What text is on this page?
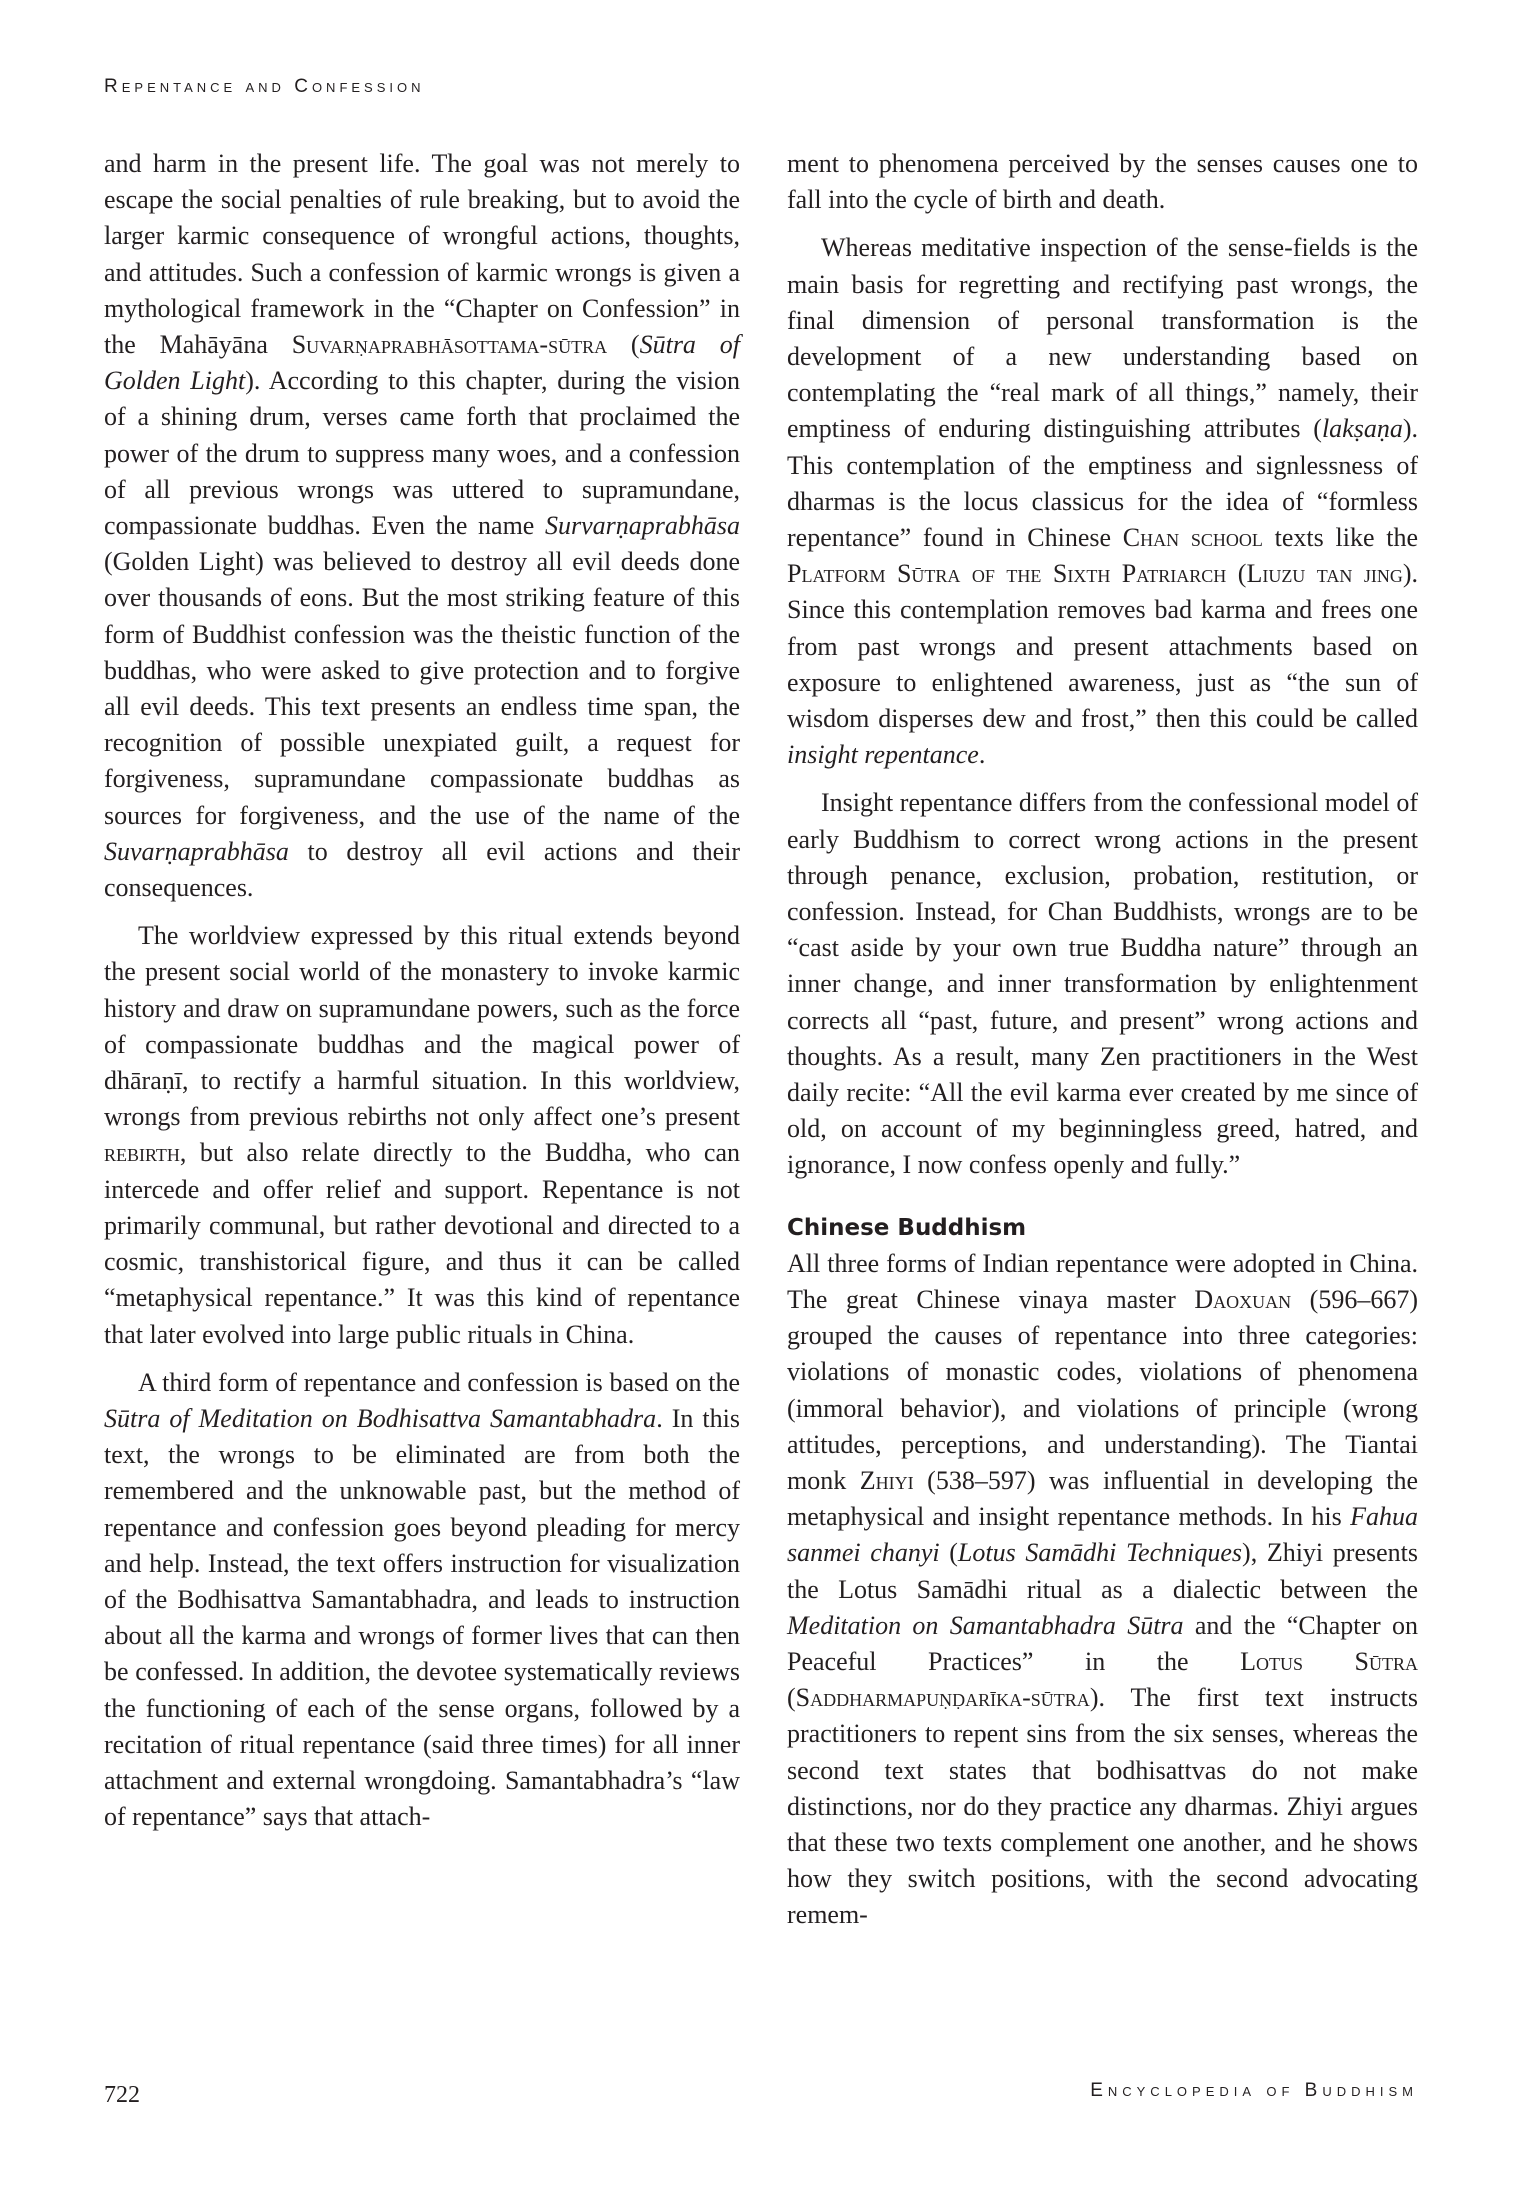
Repentance and Confession

and harm in the present life. The goal was not merely to escape the social penalties of rule breaking, but to avoid the larger karmic consequence of wrongful actions, thoughts, and attitudes. Such a confession of karmic wrongs is given a mythological framework in the “Chapter on Confession” in the Mahāyāna Suvarṇaprabhāsottama-sūtra (Sūtra of Golden Light). According to this chapter, during the vision of a shining drum, verses came forth that proclaimed the power of the drum to suppress many woes, and a confession of all previous wrongs was uttered to supramundane, compassionate buddhas. Even the name Survarṇaprabhāsa (Golden Light) was believed to destroy all evil deeds done over thousands of eons. But the most striking feature of this form of Buddhist confession was the theistic function of the buddhas, who were asked to give protection and to forgive all evil deeds. This text presents an endless time span, the recognition of possible unexpiated guilt, a request for forgiveness, supramundane compassionate buddhas as sources for forgiveness, and the use of the name of the Suvarṇaprabhāsa to destroy all evil actions and their consequences.

The worldview expressed by this ritual extends beyond the present social world of the monastery to invoke karmic history and draw on supramundane powers, such as the force of compassionate buddhas and the magical power of dhāraṇī, to rectify a harmful situation. In this worldview, wrongs from previous rebirths not only affect one’s present rebirth, but also relate directly to the Buddha, who can intercede and offer relief and support. Repentance is not primarily communal, but rather devotional and directed to a cosmic, transhistorical figure, and thus it can be called “metaphysical repentance.” It was this kind of repentance that later evolved into large public rituals in China.

A third form of repentance and confession is based on the Sūtra of Meditation on Bodhisattva Samantabhadra. In this text, the wrongs to be eliminated are from both the remembered and the unknowable past, but the method of repentance and confession goes beyond pleading for mercy and help. Instead, the text offers instruction for visualization of the Bodhisattva Samantabhadra, and leads to instruction about all the karma and wrongs of former lives that can then be confessed. In addition, the devotee systematically reviews the functioning of each of the sense organs, followed by a recitation of ritual repentance (said three times) for all inner attachment and external wrongdoing. Samantabhadra’s “law of repentance” says that attach-

ment to phenomena perceived by the senses causes one to fall into the cycle of birth and death.

Whereas meditative inspection of the sense-fields is the main basis for regretting and rectifying past wrongs, the final dimension of personal transformation is the development of a new understanding based on contemplating the “real mark of all things,” namely, their emptiness of enduring distinguishing attributes (lakṣaṇa). This contemplation of the emptiness and signlessness of dharmas is the locus classicus for the idea of “formless repentance” found in Chinese Chan school texts like the Platform Sūtra of the Sixth Patriarch (Liuzu tan jing). Since this contemplation removes bad karma and frees one from past wrongs and present attachments based on exposure to enlightened awareness, just as “the sun of wisdom disperses dew and frost,” then this could be called insight repentance.

Insight repentance differs from the confessional model of early Buddhism to correct wrong actions in the present through penance, exclusion, probation, restitution, or confession. Instead, for Chan Buddhists, wrongs are to be “cast aside by your own true Buddha nature” through an inner change, and inner transformation by enlightenment corrects all “past, future, and present” wrong actions and thoughts. As a result, many Zen practitioners in the West daily recite: “All the evil karma ever created by me since of old, on account of my beginningless greed, hatred, and ignorance, I now confess openly and fully.”

Chinese Buddhism

All three forms of Indian repentance were adopted in China. The great Chinese vinaya master Daoxuan (596–667) grouped the causes of repentance into three categories: violations of monastic codes, violations of phenomena (immoral behavior), and violations of principle (wrong attitudes, perceptions, and understanding). The Tiantai monk Zhiyi (538–597) was influential in developing the metaphysical and insight repentance methods. In his Fahua sanmei chanyi (Lotus Samādhi Techniques), Zhiyi presents the Lotus Samādhi ritual as a dialectic between the Meditation on Samantabhadra Sūtra and the “Chapter on Peaceful Practices” in the Lotus Sūtra (Saddharmapuṇḍarīka-sūtra). The first text instructs practitioners to repent sins from the six senses, whereas the second text states that bodhisattvas do not make distinctions, nor do they practice any dharmas. Zhiyi argues that these two texts complement one another, and he shows how they switch positions, with the second advocating remem-

722	Encyclopedia of Buddhism
